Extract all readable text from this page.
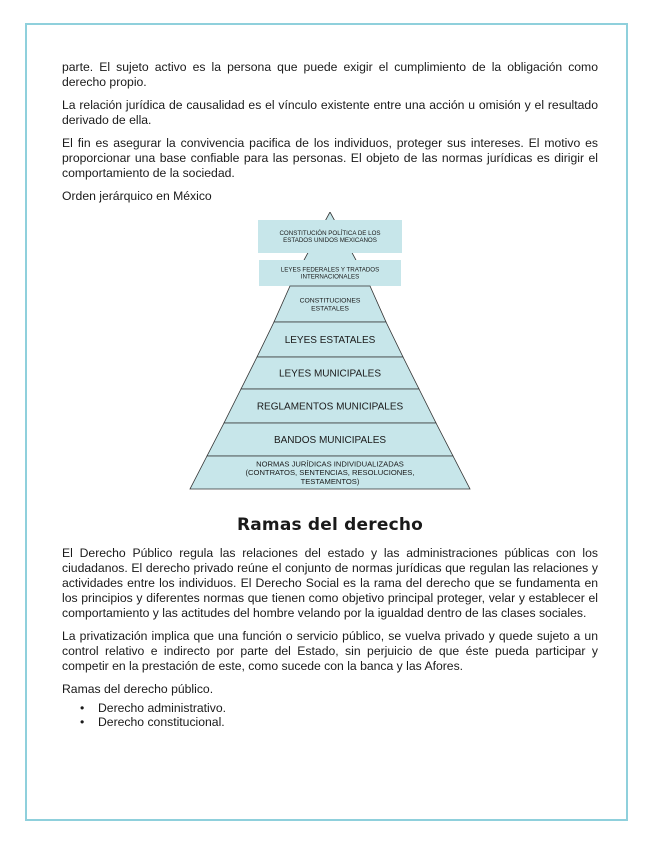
parte. El sujeto activo es la persona que puede exigir el cumplimiento de la obligación como derecho propio.

La relación jurídica de causalidad es el vínculo existente entre una acción u omisión y el resultado derivado de ella.

El fin es asegurar la convivencia pacifica de los individuos, proteger sus intereses. El motivo es proporcionar una base confiable para las personas. El objeto de las normas jurídicas es dirigir el comportamiento de la sociedad.

Orden jerárquico en México

CONSTITUCIÓN POLÍTICA DE LOS
ESTADOS UNIDOS MEXICANOS
LEYES FEDERALES Y TRATADOS
INTERNACIONALES
CONSTITUCIONES
ESTATALES
LEYES ESTATALES
LEYES MUNICIPALES
REGLAMENTOS MUNICIPALES
BANDOS MUNICIPALES
NORMAS JURÍDICAS INDIVIDUALIZADAS
(CONTRATOS, SENTENCIAS, RESOLUCIONES,
TESTAMENTOS)
Ramas del derecho

El Derecho Público regula las relaciones del estado y las administraciones públicas con los ciudadanos. El derecho privado reúne el conjunto de normas jurídicas que regulan las relaciones y actividades entre los individuos. El Derecho Social es la rama del derecho que se fundamenta en los principios y diferentes normas que tienen como objetivo principal proteger, velar y establecer el comportamiento y las actitudes del hombre velando por la igualdad dentro de las clases sociales.

La privatización implica que una función o servicio público, se vuelva privado y quede sujeto a un control relativo e indirecto por parte del Estado, sin perjuicio de que éste pueda participar y competir en la prestación de este, como sucede con la banca y las Afores.

Ramas del derecho público.

• Derecho administrativo.
• Derecho constitucional.
